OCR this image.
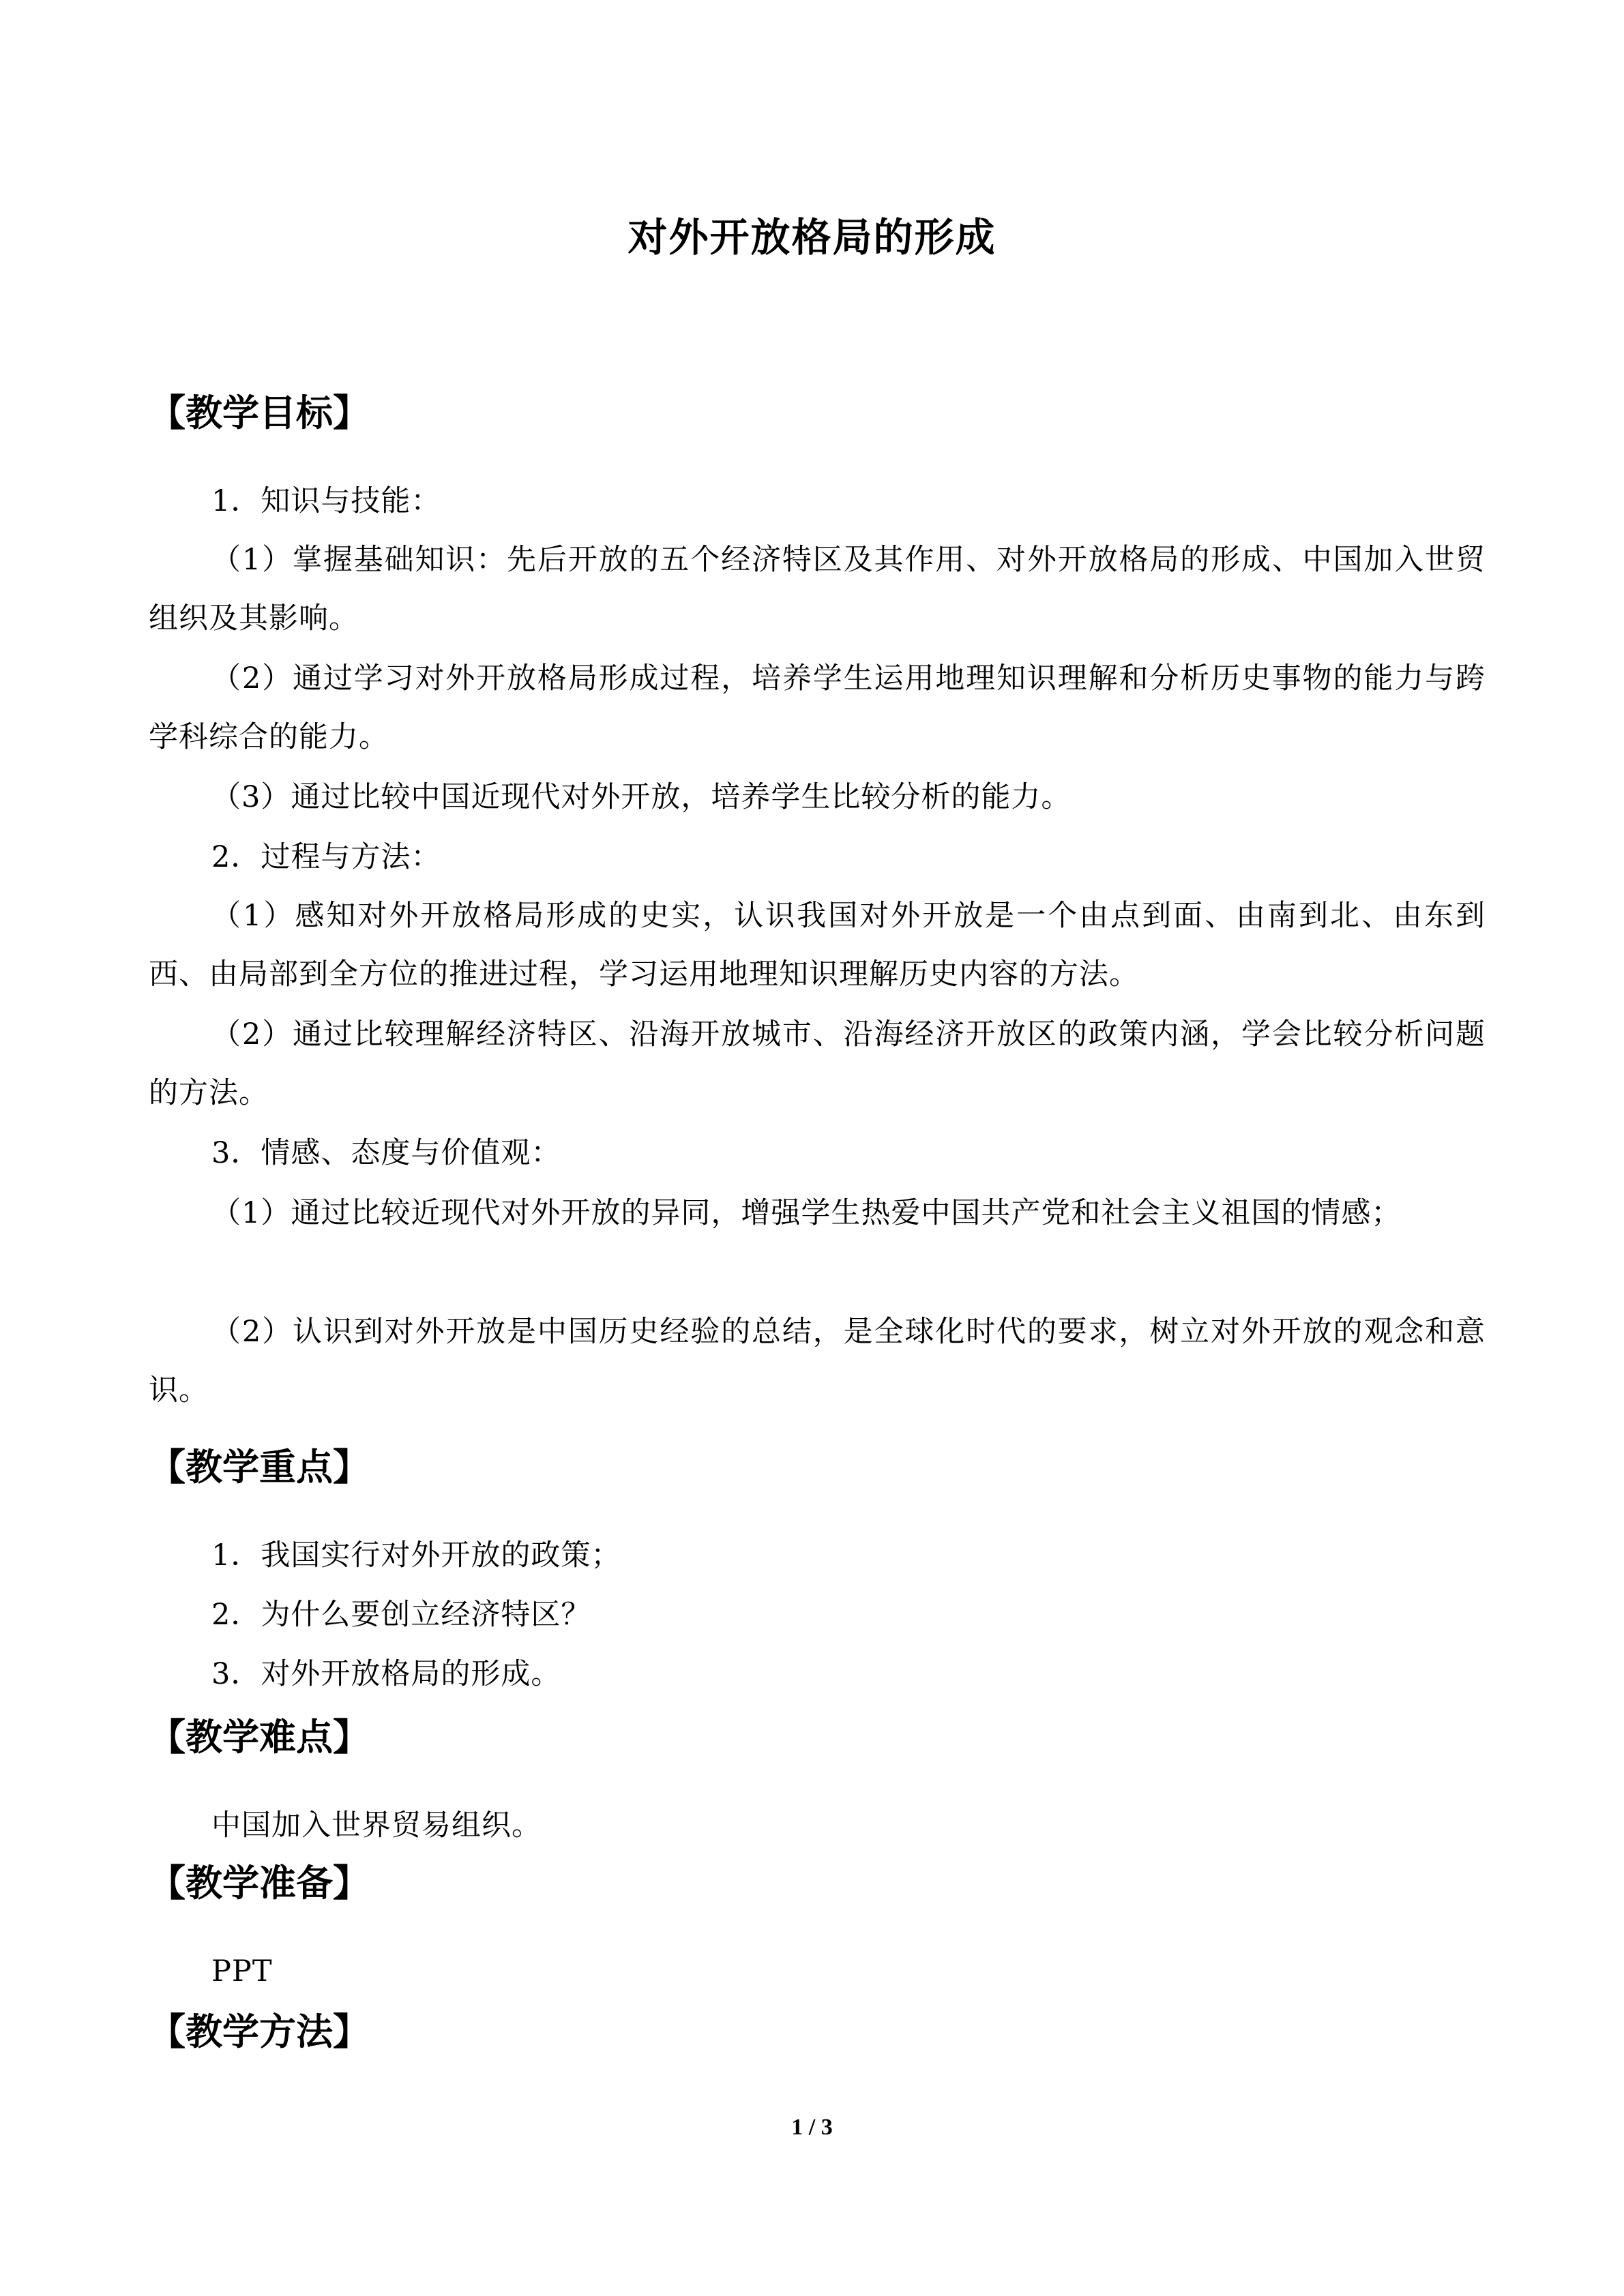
对外开放格局的形成
【教学目标】
1．知识与技能：
（1）掌握基础知识：先后开放的五个经济特区及其作用、对外开放格局的形成、中国加入世贸组织及其影响。
（2）通过学习对外开放格局形成过程，培养学生运用地理知识理解和分析历史事物的能力与跨学科综合的能力。
（3）通过比较中国近现代对外开放，培养学生比较分析的能力。
2．过程与方法：
（1）感知对外开放格局形成的史实，认识我国对外开放是一个由点到面、由南到北、由东到西、由局部到全方位的推进过程，学习运用地理知识理解历史内容的方法。
（2）通过比较理解经济特区、沿海开放城市、沿海经济开放区的政策内涵，学会比较分析问题的方法。
3．情感、态度与价值观：
（1）通过比较近现代对外开放的异同，增强学生热爱中国共产党和社会主义祖国的情感；
（2）认识到对外开放是中国历史经验的总结，是全球化时代的要求，树立对外开放的观念和意识。
【教学重点】
1．我国实行对外开放的政策；
2．为什么要创立经济特区？
3．对外开放格局的形成。
【教学难点】
中国加入世界贸易组织。
【教学准备】
PPT
【教学方法】
1 / 3
